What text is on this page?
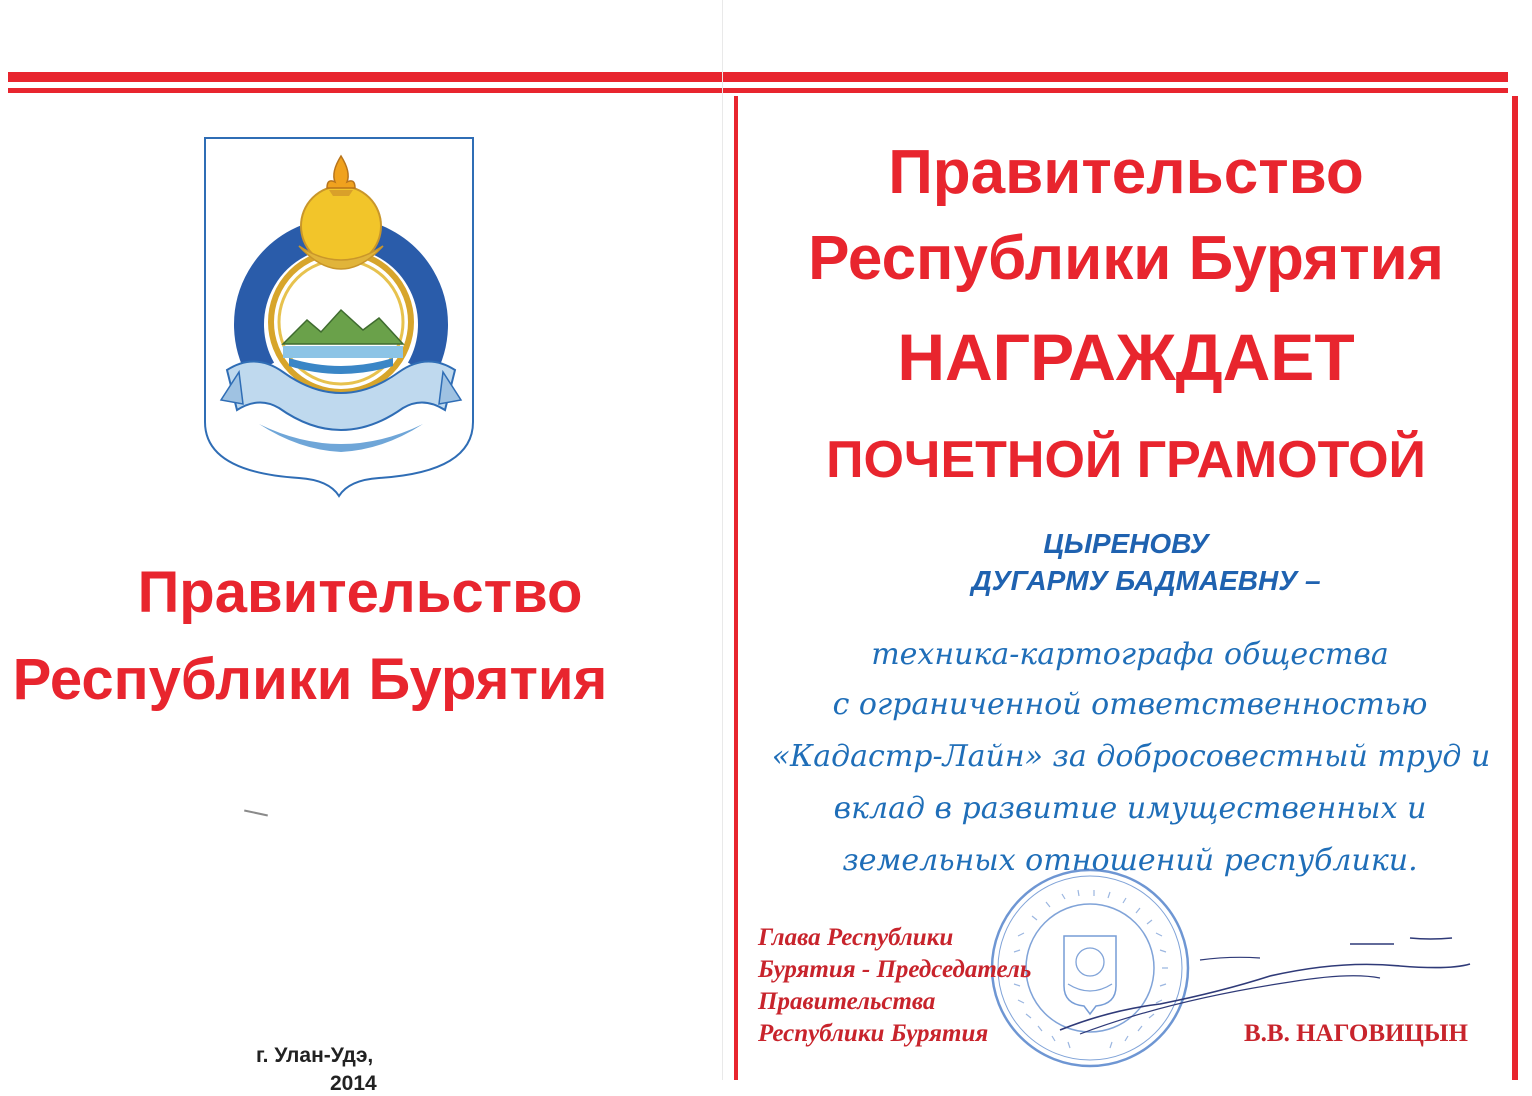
Правительство
Республики Бурятия
г. Улан-Удэ,
2014
Правительство
Республики Бурятия
НАГРАЖДАЕТ
ПОЧЕТНОЙ ГРАМОТОЙ
ЦЫРЕНОВУ
ДУГАРМУ БАДМАЕВНУ –
техника-картографа общества
с ограниченной ответственностью
«Кадастр-Лайн» за добросовестный труд и
вклад в развитие имущественных и
земельных отношений республики.
Глава Республики
Бурятия - Председатель
Правительства
Республики Бурятия	В.В. НАГОВИЦЫН
